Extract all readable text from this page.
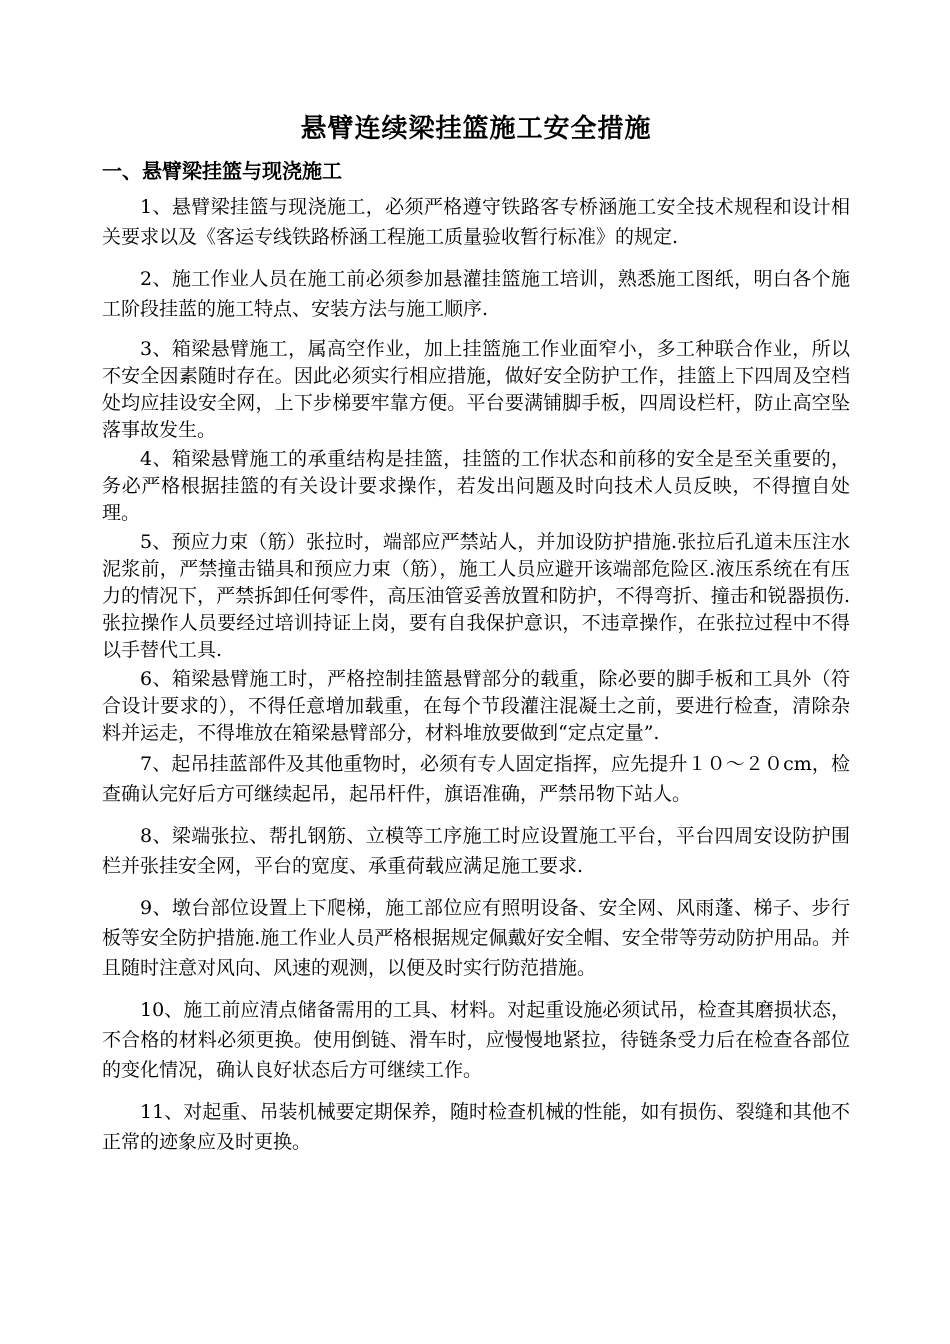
悬臂连续梁挂篮施工安全措施
一、悬臂梁挂篮与现浇施工

1、悬臂梁挂篮与现浇施工，必须严格遵守铁路客专桥涵施工安全技术规程和设计相关要求以及《客运专线铁路桥涵工程施工质量验收暂行标准》的规定.

2、施工作业人员在施工前必须参加悬灌挂篮施工培训，熟悉施工图纸，明白各个施工阶段挂蓝的施工特点、安装方法与施工顺序.

3、箱梁悬臂施工，属高空作业，加上挂篮施工作业面窄小，多工种联合作业，所以不安全因素随时存在。因此必须实行相应措施，做好安全防护工作，挂篮上下四周及空档处均应挂设安全网，上下步梯要牢靠方便。平台要满铺脚手板，四周设栏杆，防止高空坠落事故发生。

4、箱梁悬臂施工的承重结构是挂篮，挂篮的工作状态和前移的安全是至关重要的，务必严格根据挂篮的有关设计要求操作，若发出问题及时向技术人员反映，不得擅自处理。

5、预应力束（筋）张拉时，端部应严禁站人，并加设防护措施.张拉后孔道未压注水泥浆前，严禁撞击锚具和预应力束（筋），施工人员应避开该端部危险区.液压系统在有压力的情况下，严禁拆卸任何零件，高压油管妥善放置和防护，不得弯折、撞击和锐器损伤.张拉操作人员要经过培训持证上岗，要有自我保护意识，不违章操作，在张拉过程中不得以手替代工具.

6、箱梁悬臂施工时，严格控制挂篮悬臂部分的载重，除必要的脚手板和工具外（符合设计要求的），不得任意增加载重，在每个节段灌注混凝土之前，要进行检查，清除杂料并运走，不得堆放在箱梁悬臂部分，材料堆放要做到“定点定量”.

7、起吊挂蓝部件及其他重物时，必须有专人固定指挥，应先提升１０～２０cm，检查确认完好后方可继续起吊，起吊杆件，旗语准确，严禁吊物下站人。

8、梁端张拉、帮扎钢筋、立模等工序施工时应设置施工平台，平台四周安设防护围栏并张挂安全网，平台的宽度、承重荷载应满足施工要求.

9、墩台部位设置上下爬梯，施工部位应有照明设备、安全网、风雨蓬、梯子、步行板等安全防护措施.施工作业人员严格根据规定佩戴好安全帽、安全带等劳动防护用品。并且随时注意对风向、风速的观测，以便及时实行防范措施。

10、施工前应清点储备需用的工具、材料。对起重设施必须试吊，检查其磨损状态，不合格的材料必须更换。使用倒链、滑车时，应慢慢地紧拉，待链条受力后在检查各部位的变化情况，确认良好状态后方可继续工作。

11、对起重、吊装机械要定期保养，随时检查机械的性能，如有损伤、裂缝和其他不正常的迹象应及时更换。
